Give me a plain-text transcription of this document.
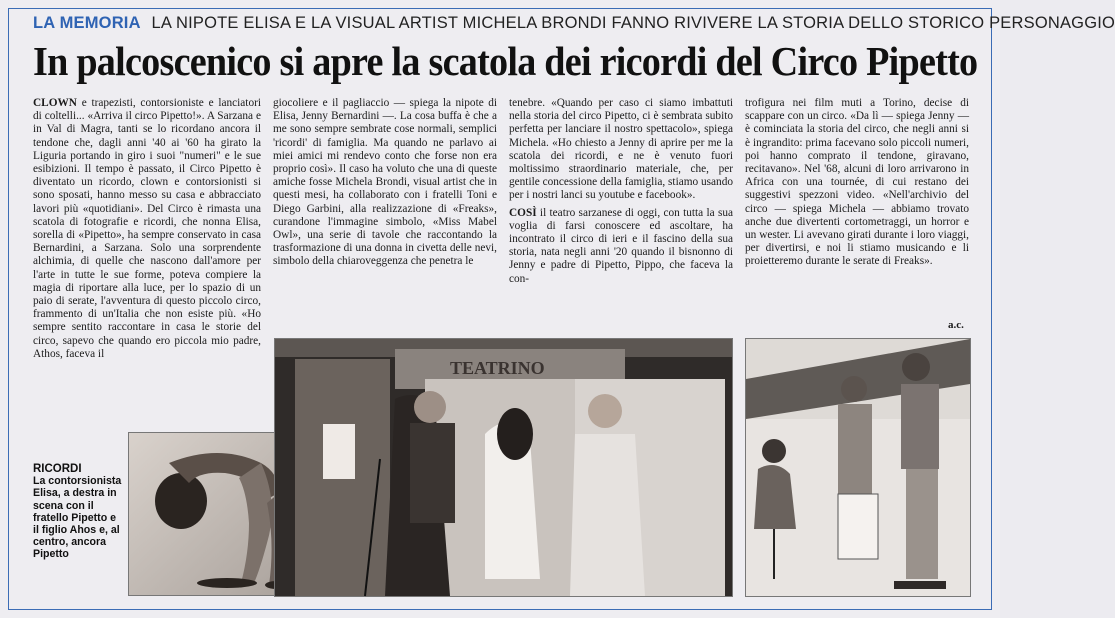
LA MEMORIA LA NIPOTE ELISA E LA VISUAL ARTIST MICHELA BRONDI FANNO RIVIVERE LA STORIA DELLO STORICO PERSONAGGIO
In palcoscenico si apre la scatola dei ricordi del Circo Pipetto

CLOWN e trapezisti, contorsioniste e lanciatori di coltelli... «Arriva il circo Pipetto!». A Sarzana e in Val di Magra, tanti se lo ricordano ancora il tendone che, dagli anni '40 ai '60 ha girato la Liguria portando in giro i suoi "numeri" e le sue esibizioni. Il tempo è passato, il Circo Pipetto è diventato un ricordo, clown e contorsionisti si sono sposati, hanno messo su casa e abbracciato lavori più «quotidiani». Del Circo è rimasta una scatola di fotografie e ricordi, che nonna Elisa, sorella di «Pipetto», ha sempre conservato in casa Bernardini, a Sarzana. Solo una sorprendente alchimia, di quelle che nascono dall'amore per l'arte in tutte le sue forme, poteva compiere la magia di riportare alla luce, per lo spazio di un paio di serate, l'avventura di questo piccolo circo, frammento di un'Italia che non esiste più. «Ho sempre sentito raccontare in casa le storie del circo, sapevo che quando ero piccola mio padre, Athos, faceva il

giocoliere e il pagliaccio — spiega la nipote di Elisa, Jenny Bernardini —. La cosa buffa è che a me sono sempre sembrate cose normali, semplici 'ricordi' di famiglia. Ma quando ne parlavo ai miei amici mi rendevo conto che forse non era proprio così». Il caso ha voluto che una di queste amiche fosse Michela Brondi, visual artist che in questi mesi, ha collaborato con i fratelli Toni e Diego Garbini, alla realizzazione di «Freaks», curandone l'immagine simbolo, «Miss Mabel Owl», una serie di tavole che raccontando la trasformazione di una donna in civetta delle nevi, simbolo della chiaroveggenza che penetra le

tenebre. «Quando per caso ci siamo imbattuti nella storia del circo Pipetto, ci è sembrata subito perfetta per lanciare il nostro spettacolo», spiega Michela. «Ho chiesto a Jenny di aprire per me la scatola dei ricordi, e ne è venuto fuori moltissimo straordinario materiale, che, per gentile concessione della famiglia, stiamo usando per i nostri lanci su youtube e facebook».

COSÌ il teatro sarzanese di oggi, con tutta la sua voglia di farsi conoscere ed ascoltare, ha incontrato il circo di ieri e il fascino della sua storia, nata negli anni '20 quando il bisnonno di Jenny e padre di Pipetto, Pippo, che faceva la con-

trofigura nei film muti a Torino, decise di scappare con un circo. «Da lì — spiega Jenny — è cominciata la storia del circo, che negli anni si è ingrandito: prima facevano solo piccoli numeri, poi hanno comprato il tendone, giravano, recitavano». Nel '68, alcuni di loro arrivarono in Africa con una tournée, di cui restano dei suggestivi spezzoni video. «Nell'archivio del circo — spiega Michela — abbiamo trovato anche due divertenti cortometraggi, un horror e un wester. Li avevano girati durante i loro viaggi, per divertirsi, e noi li stiamo musicando e li proietteremo durante le serate di Freaks».

a.c.
RICORDI
La contorsionista Elisa, a destra in scena con il fratello Pipetto e il figlio Ahos e, al centro, ancora Pipetto
TEATRINO
